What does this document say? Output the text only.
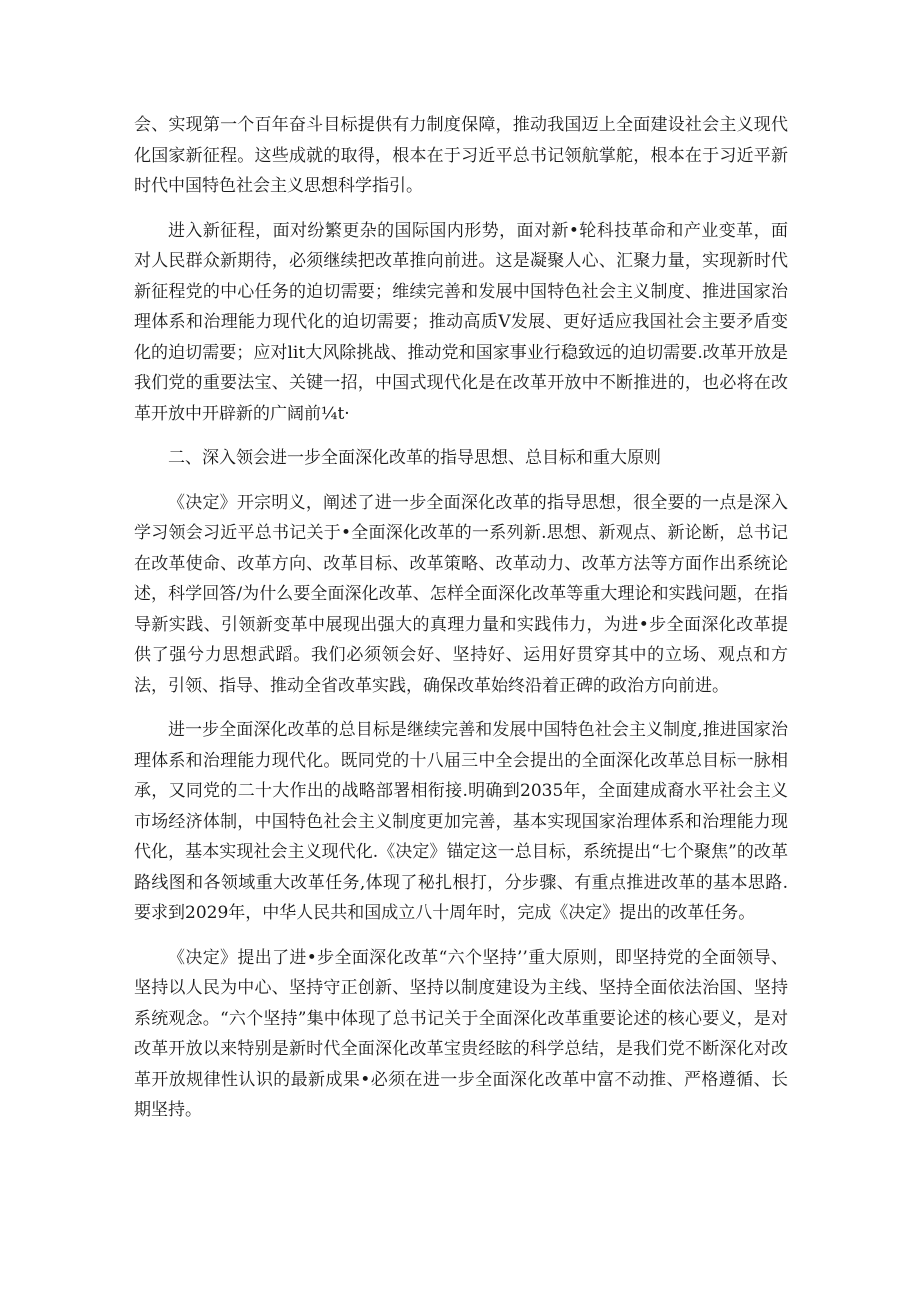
会、实现第一个百年奋斗目标提供有力制度保障，推动我国迈上全面建设社会主义现代化国家新征程。这些成就的取得，根本在于习近平总书记领航掌舵，根本在于习近平新时代中国特色社会主义思想科学指引。

进入新征程，面对纷繁更杂的国际国内形势，面对新•轮科技革命和产业变革，面对人民群众新期待，必须继续把改革推向前进。这是凝聚人心、汇聚力量，实现新时代新征程党的中心任务的迫切需要；维续完善和发展中国特色社会主义制度、推进国家治理体系和治理能力现代化的迫切需要；推动高质V发展、更好适应我国社会主要矛盾变化的迫切需要；应对lit大风除挑战、推动党和国家事业行稳致远的迫切需要.改革开放是我们党的重要法宝、关键一招，中国式现代化是在改革开放中不断推进的，也必将在改革开放中开辟新的广阔前¼t·

二、深入领会进一步全面深化改革的指导思想、总目标和重大原则

《决定》开宗明义，阐述了进一步全面深化改革的指导思想，很全要的一点是深入学习领会习近平总书记关于•全面深化改革的一系列新.思想、新观点、新论断，总书记在改革使命、改革方向、改革目标、改革策略、改革动力、改革方法等方面作出系统论述，科学回答/为什么要全面深化改革、怎样全面深化改革等重大理论和实践问题，在指导新实践、引领新变革中展现出强大的真理力量和实践伟力，为进•步全面深化改革提供了强兮力思想武蹈。我们必须领会好、坚持好、运用好贯穿其中的立场、观点和方法，引领、指导、推动全省改革实践，确保改革始终沿着正碑的政治方向前进。

进一步全面深化改革的总目标是继续完善和发展中国特色社会主义制度,推进国家治理体系和治理能力现代化。既同党的十八届三中全会提出的全面深化改革总目标一脉相承，又同党的二十大作出的战略部署相衔接.明确到2035年，全面建成裔水平社会主义市场经济体制，中国特色社会主义制度更加完善，基本实现国家治理体系和治理能力现代化，基本实现社会主义现代化.《决定》锚定这一总目标，系统提出“七个聚焦”的改革路线图和各领域重大改革任务,体现了秘扎根打，分步骤、有重点推进改革的基本思路.要求到2029年，中华人民共和国成立八十周年时，完成《决定》提出的改革任务。

《决定》提出了进•步全面深化改革“六个坚持’’重大原则，即坚持党的全面领导、坚持以人民为中心、坚持守正创新、坚持以制度建设为主线、坚持全面依法治国、坚持系统观念。“六个坚持”集中体现了总书记关于全面深化改革重要论述的核心要义，是对改革开放以来特别是新时代全面深化改革宝贵经眩的科学总结，是我们党不断深化对改革开放规律性认识的最新成果•必须在进一步全面深化改革中富不动推、严格遵循、长期坚持。
